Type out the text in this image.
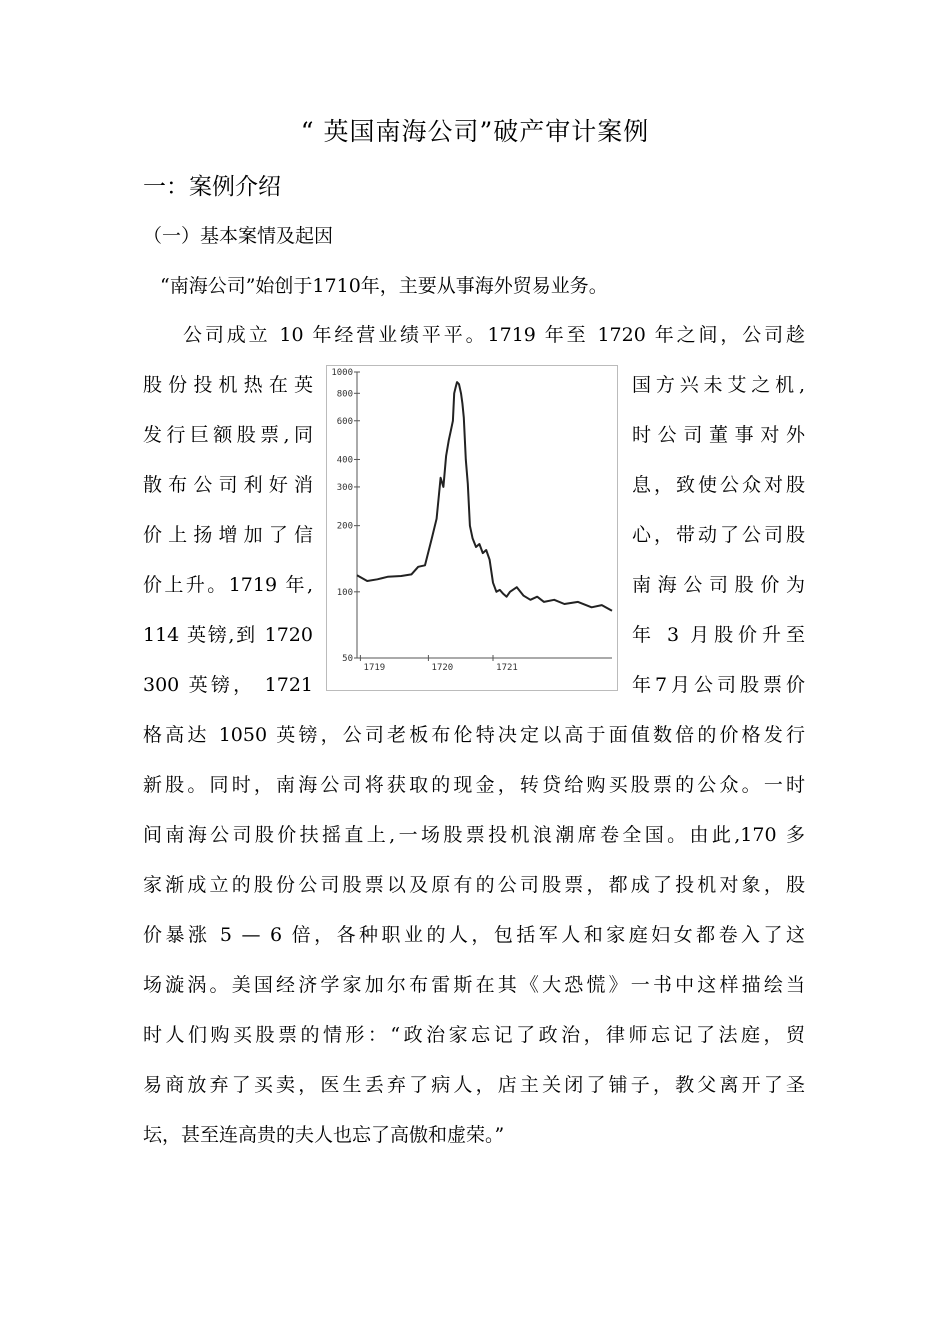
“ 英国南海公司”破产审计案例
一：案例介绍
（一）基本案情及起因
“南海公司”始创于1710年，主要从事海外贸易业务。
公司成立 10 年经营业绩平平。1719 年至 1720 年之间，公司趁
股份投机热在英
发行巨额股票,同
散布公司利好消
价上扬增加了信
价上升。1719 年,
114 英镑,到 1720
300 英镑， 1721
国方兴未艾之机,
时公司董事对外
息，致使公众对股
心，带动了公司股
南海公司股价为
年 3 月股价升至
年7月公司股票价
格高达 1050 英镑，公司老板布伦特决定以高于面值数倍的价格发行
新股。同时，南海公司将获取的现金，转贷给购买股票的公众。一时
间南海公司股价扶摇直上,一场股票投机浪潮席卷全国。由此,170 多
家渐成立的股份公司股票以及原有的公司股票，都成了投机对象，股
价暴涨 5 — 6 倍，各种职业的人，包括军人和家庭妇女都卷入了这
场漩涡。美国经济学家加尔布雷斯在其《大恐慌》一书中这样描绘当
时人们购买股票的情形：“政治家忘记了政治，律师忘记了法庭，贸
易商放弃了买卖，医生丢弃了病人，店主关闭了铺子，教父离开了圣
坛，甚至连高贵的夫人也忘了高傲和虚荣。”
1000
800
600
400
300
200
100
50
1719	1720	1721
